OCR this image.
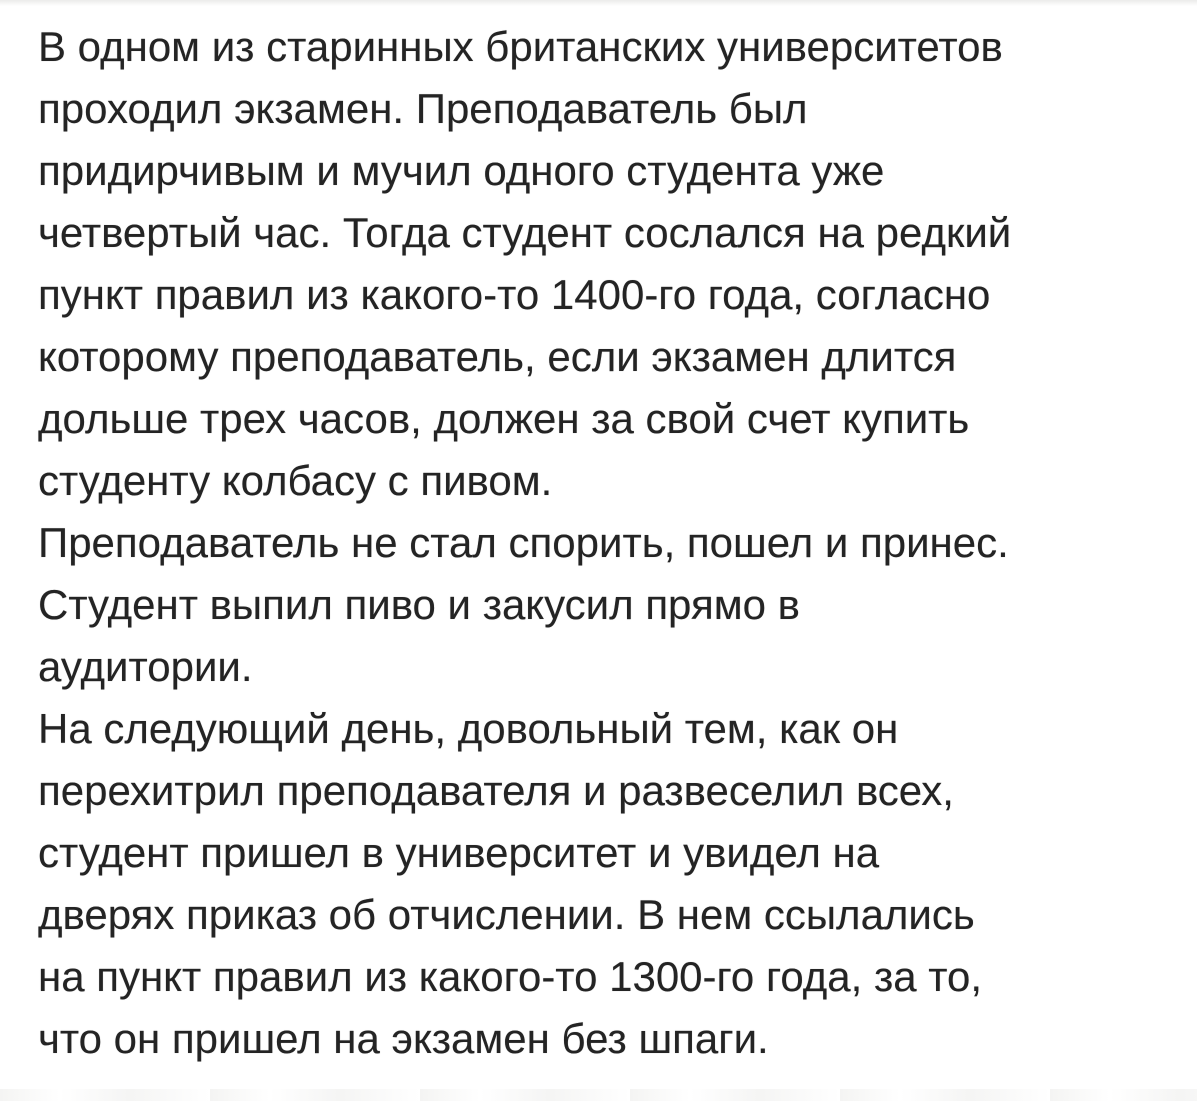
В одном из старинных британских университетов
проходил экзамен. Преподаватель был
придирчивым и мучил одного студента уже
четвертый час. Тогда студент сослался на редкий
пункт правил из какого-то 1400-го года, согласно
которому преподаватель, если экзамен длится
дольше трех часов, должен за свой счет купить
студенту колбасу с пивом.
Преподаватель не стал спорить, пошел и принес.
Студент выпил пиво и закусил прямо в
аудитории.
На следующий день, довольный тем, как он
перехитрил преподавателя и развеселил всех,
студент пришел в университет и увидел на
дверях приказ об отчислении. В нем ссылались
на пункт правил из какого-то 1300-го года, за то,
что он пришел на экзамен без шпаги.
